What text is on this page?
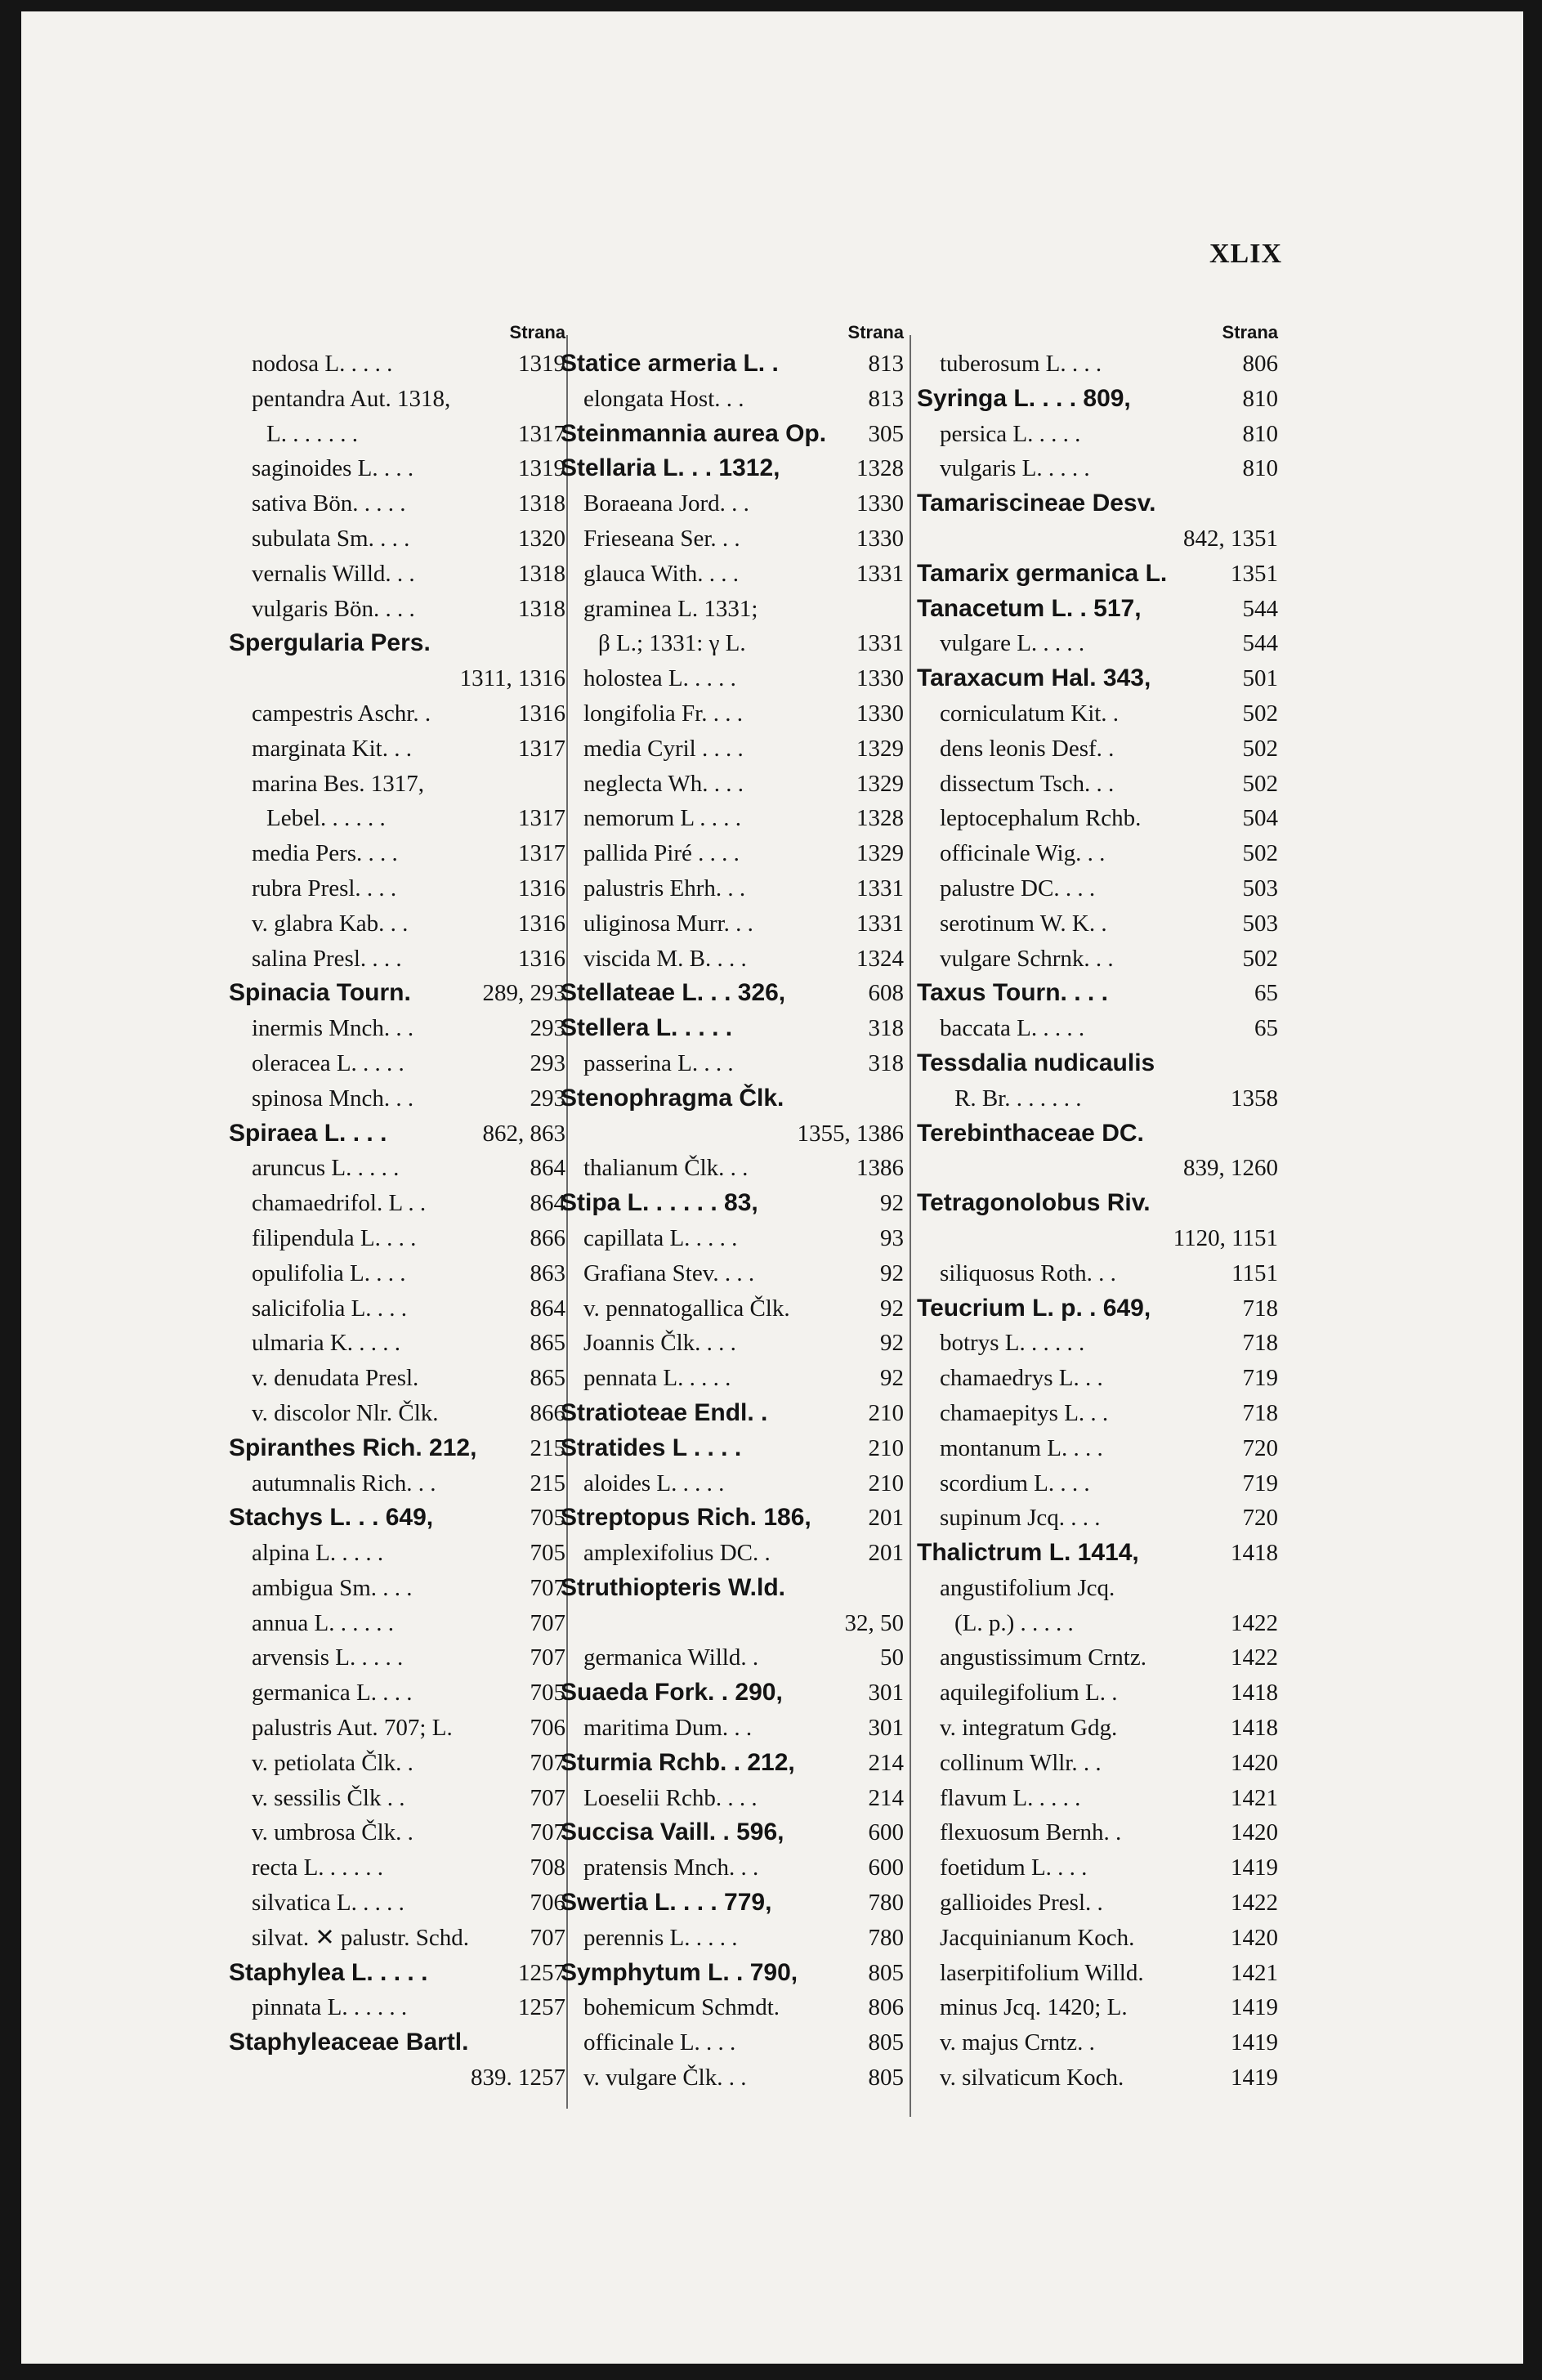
XLIX
Strana
nodosa L. . . . .	1319
pentandra Aut. 1318,
L. . . . . . .	1317
saginoides L. . . .	1319
sativa Bön. . . . .	1318
subulata Sm. . . .	1320
vernalis Willd. . .	1318
vulgaris Bön. . . .	1318
Spergularia Pers.
1311, 1316
campestris Aschr. .	1316
marginata Kit. . .	1317
marina Bes. 1317,
Lebel. . . . . .	1317
media Pers. . . .	1317
rubra Presl. . . .	1316
v. glabra Kab. . .	1316
salina Presl. . . .	1316
Spinacia Tourn.	289, 293
inermis Mnch. . .	293
oleracea L. . . . .	293
spinosa Mnch. . .	293
Spiraea L. . . .	862, 863
aruncus L. . . . .	864
chamaedrifol. L . .	864
filipendula L. . . .	866
opulifolia L. . . .	863
salicifolia L. . . .	864
ulmaria K. . . . .	865
v. denudata Presl.	865
v. discolor Nlr. Člk.	866
Spiranthes Rich. 212, 215
autumnalis Rich. . .	215
Stachys L. . . 649,	705
alpina L. . . . .	705
ambigua Sm. . . .	707
annua L. . . . . .	707
arvensis L. . . . .	707
germanica L. . . .	705
palustris Aut. 707; L.	706
v. petiolata Člk. .	707
v. sessilis Člk . .	707
v. umbrosa Člk. .	707
recta L. . . . . .	708
silvatica L. . . . .	706
silvat. ✕ palustr. Schd.	707
Staphylea L. . . . .	1257
pinnata L. . . . . .	1257
Staphyleaceae Bartl.
839. 1257
Strana
Statice armeria L. .	813
elongata Host. . .	813
Steinmannia aurea Op. 305
Stellaria L. . . 1312,	1328
Boraeana Jord. . .	1330
Frieseana Ser. . .	1330
glauca With. . . .	1331
graminea L. 1331;
β L.; 1331: γ L.	1331
holostea L. . . . .	1330
longifolia Fr. . . .	1330
media Cyril . . . .	1329
neglecta Wh. . . .	1329
nemorum L . . . .	1328
pallida Piré . . . .	1329
palustris Ehrh. . .	1331
uliginosa Murr. . .	1331
viscida M. B. . . .	1324
Stellateae L. . . 326,	608
Stellera L. . . . .	318
passerina L. . . .	318
Stenophragma Člk.
1355, 1386
thalianum Člk. . .	1386
Stipa L. . . . . . 83,	92
capillata L. . . . .	93
Grafiana Stev. . . .	92
v. pennatogallica Člk.	92
Joannis Člk. . . .	92
pennata L. . . . .	92
Stratioteae Endl. .	210
Stratides L . . . .	210
aloides L. . . . .	210
Streptopus Rich. 186, 201
amplexifolius DC. .	201
Struthiopteris W.ld.
32, 50
germanica Willd. .	50
Suaeda Fork. . 290,	301
maritima Dum. . .	301
Sturmia Rchb. . 212,	214
Loeselii Rchb. . . .	214
Succisa Vaill. . 596,	600
pratensis Mnch. . .	600
Swertia L. . . . 779,	780
perennis L. . . . .	780
Symphytum L. . 790,	805
bohemicum Schmdt.	806
officinale L. . . .	805
v. vulgare Člk. . .	805
Strana
tuberosum L. . . .	806
Syringa L. . . . 809,	810
persica L. . . . .	810
vulgaris L. . . . .	810
Tamariscineae Desv.
842, 1351
Tamarix germanica L.	1351
Tanacetum L. . 517,	544
vulgare L. . . . .	544
Taraxacum Hal. 343,	501
corniculatum Kit. .	502
dens leonis Desf. .	502
dissectum Tsch. . .	502
leptocephalum Rchb.	504
officinale Wig. . .	502
palustre DC. . . .	503
serotinum W. K. .	503
vulgare Schrnk. . .	502
Taxus Tourn. . . .	65
baccata L. . . . .	65
Tessdalia nudicaulis
R. Br. . . . . . .	1358
Terebinthaceae DC.
839, 1260
Tetragonolobus Riv.
1120, 1151
siliquosus Roth. . .	1151
Teucrium L. p. . 649,	718
botrys L. . . . . .	718
chamaedrys L. . .	719
chamaepitys L. . .	718
montanum L. . . .	720
scordium L. . . .	719
supinum Jcq. . . .	720
Thalictrum L. 1414,	1418
angustifolium Jcq.
(L. p.) . . . . .	1422
angustissimum Crntz.	1422
aquilegifolium L. .	1418
v. integratum Gdg.	1418
collinum Wllr. . .	1420
flavum L. . . . .	1421
flexuosum Bernh. .	1420
foetidum L. . . .	1419
gallioides Presl. .	1422
Jacquinianum Koch.	1420
laserpitifolium Willd.	1421
minus Jcq. 1420; L.	1419
v. majus Crntz. .	1419
v. silvaticum Koch.	1419
